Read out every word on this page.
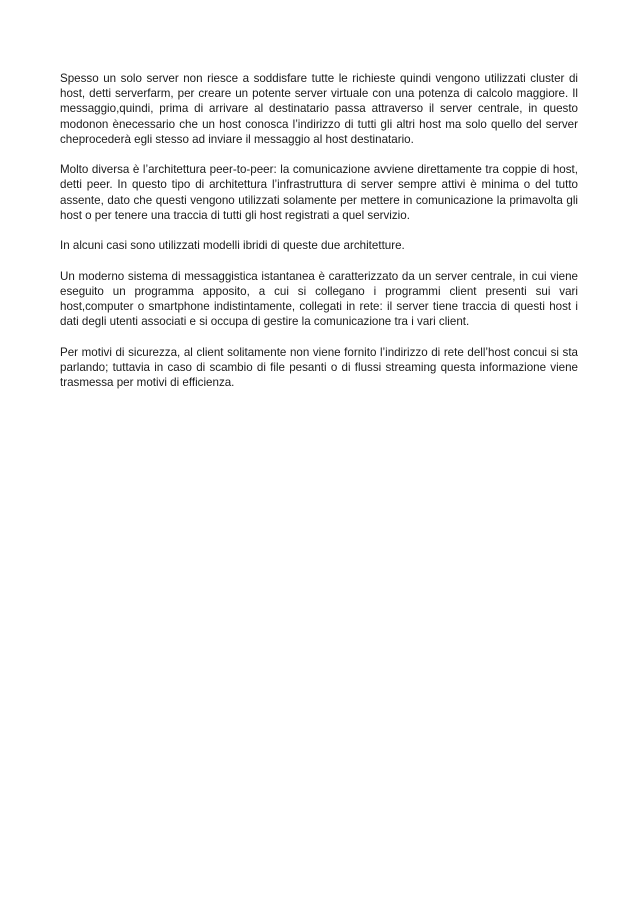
Spesso un solo server non riesce a soddisfare tutte le richieste quindi vengono utilizzati cluster di host, detti serverfarm, per creare un potente server virtuale con una potenza di calcolo maggiore. Il messaggio,quindi, prima di arrivare al destinatario passa attraverso il server centrale, in questo modonon ènecessario che un host conosca l’indirizzo di tutti gli altri host ma solo quello del server cheprocederà egli stesso ad inviare il messaggio al host destinatario.

Molto diversa è l’architettura peer-to-peer: la comunicazione avviene direttamente tra coppie di host, detti peer. In questo tipo di architettura l’infrastruttura di server sempre attivi è minima o del tutto assente, dato che questi vengono utilizzati solamente per mettere in comunicazione la primavolta gli host o per tenere una traccia di tutti gli host registrati a quel servizio.

In alcuni casi sono utilizzati modelli ibridi di queste due architetture.

Un moderno sistema di messaggistica istantanea è caratterizzato da un server centrale, in cui viene eseguito un programma apposito, a cui si collegano i programmi client presenti sui vari host,computer o smartphone indistintamente, collegati in rete: il server tiene traccia di questi host i dati degli utenti associati e si occupa di gestire la comunicazione tra i vari client.

Per motivi di sicurezza, al client solitamente non viene fornito l’indirizzo di rete dell’host concui si sta parlando; tuttavia in caso di scambio di file pesanti o di flussi streaming questa informazione viene trasmessa per motivi di efficienza.
